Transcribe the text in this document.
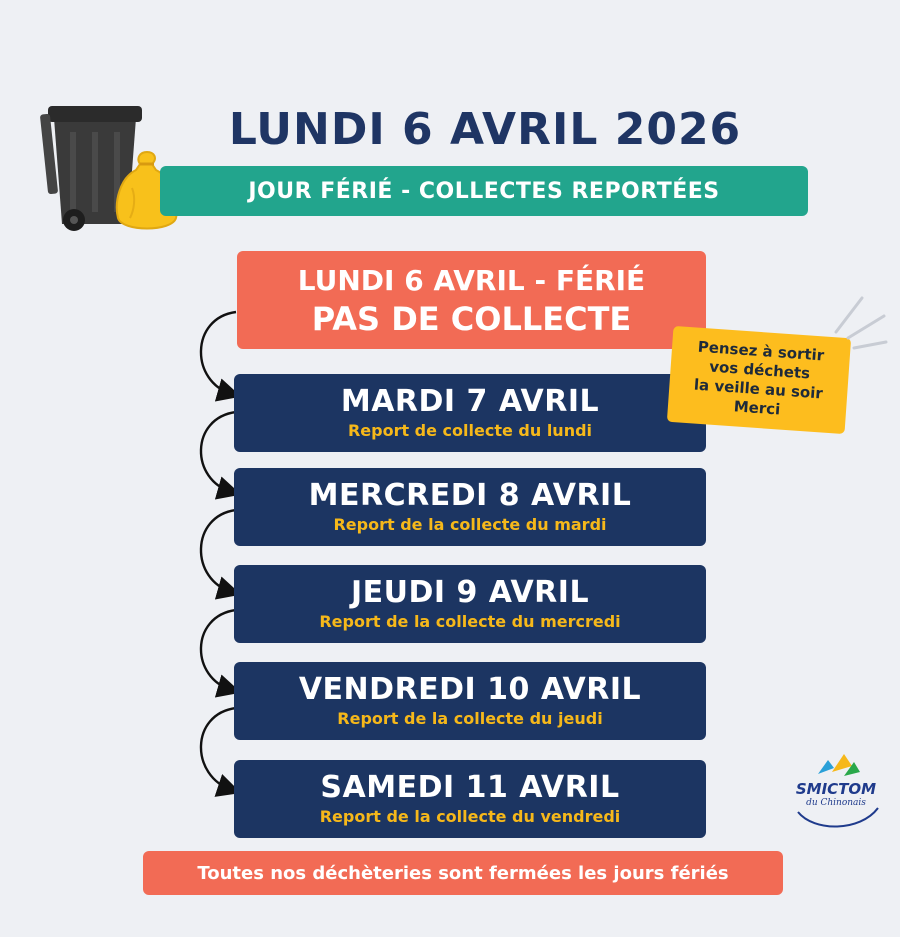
LUNDI 6 AVRIL 2026
JOUR FÉRIÉ - COLLECTES REPORTÉES
LUNDI 6 AVRIL - FÉRIÉ
PAS DE COLLECTE
MARDI 7 AVRIL
Report de collecte du lundi
MERCREDI 8 AVRIL
Report de la collecte du mardi
JEUDI 9 AVRIL
Report de la collecte du mercredi
VENDREDI 10 AVRIL
Report de la collecte du jeudi
SAMEDI 11 AVRIL
Report de la collecte du vendredi
Pensez à sortir
vos déchets
la veille au soir
Merci
Toutes nos déchèteries sont fermées les jours fériés
SMICTOM
du Chinonais
